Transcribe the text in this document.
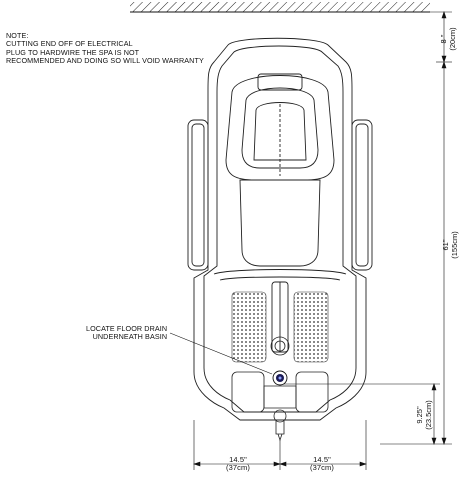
NOTE:
CUTTING END OFF OF ELECTRICAL
PLUG TO HARDWIRE THE SPA IS NOT
RECOMMENDED AND DOING SO WILL VOID WARRANTY
LOCATE FLOOR DRAIN
UNDERNEATH BASIN
14.5"
(37cm)
14.5"
(37cm)
8 "
(20cm)
61"
(155cm)
9.25"
(23.5cm)
